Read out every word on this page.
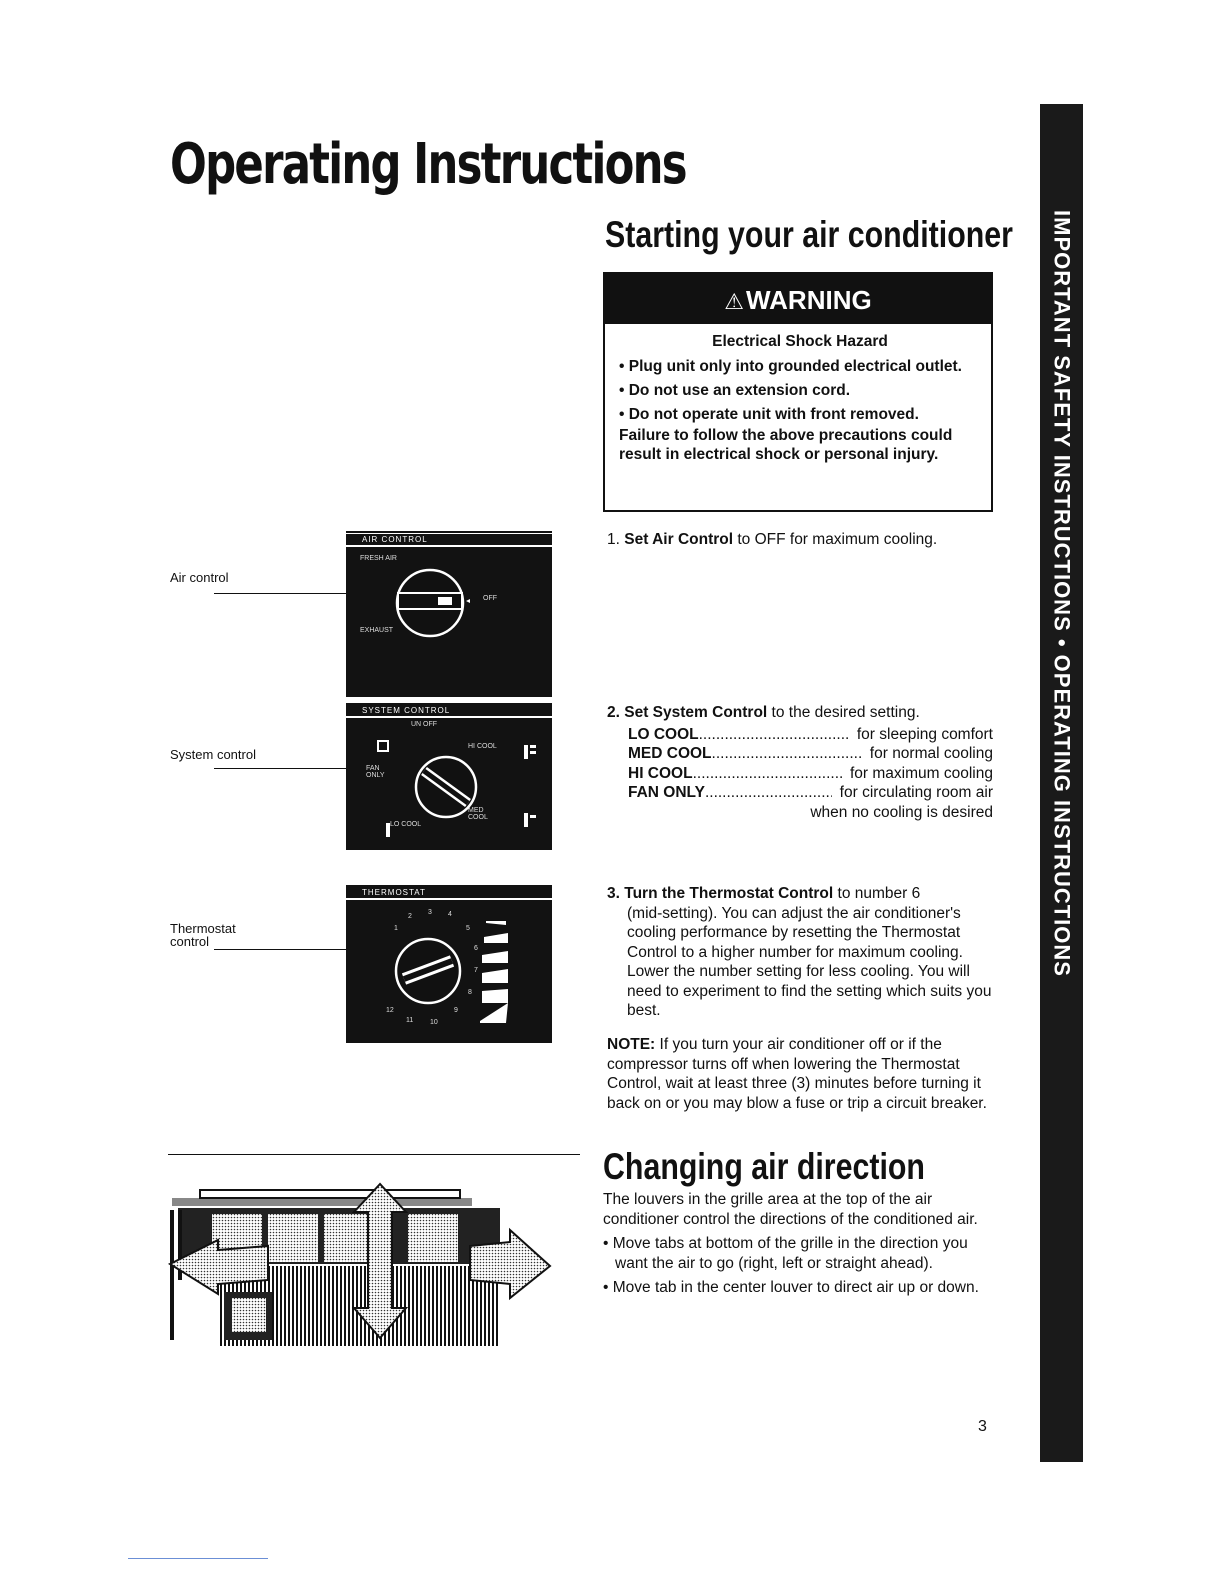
Operating Instructions
Starting your air conditioner IMPORTANT SAFETY INSTRUCTIONS • OPERATING INSTRUCTIONS
⚠WARNING
Electrical Shock Hazard

• Plug unit only into grounded electrical outlet.

• Do not use an extension cord.

• Do not operate unit with front removed.

Failure to follow the above precautions could result in electrical shock or personal injury.

1. Set Air Control to OFF for maximum cooling.
2. Set System Control to the desired setting.
LO COOL .....	for sleeping comfort
MED COOL .....	for normal cooling
HI COOL .....	for maximum cooling
FAN ONLY .....	for circulating room air
when no cooling is desired
3. Turn the Thermostat Control to number 6
(mid-setting). You can adjust the air conditioner's cooling performance by resetting the Thermostat Control to a higher number for maximum cooling. Lower the number setting for less cooling. You will need to experiment to find the setting which suits you best.
NOTE: If you turn your air conditioner off or if the compressor turns off when lowering the Thermostat Control, wait at least three (3) minutes before turning it back on or you may blow a fuse or trip a circuit breaker.
Changing air direction

The louvers in the grille area at the top of the air conditioner control the directions of the conditioned air.

• Move tabs at bottom of the grille in the direction you want the air to go (right, left or straight ahead).

• Move tab in the center louver to direct air up or down.

3
Air control
AIR CONTROL
FRESH AIR
EXHAUST
OFF
System control
SYSTEM CONTROL
UN OFF
HI COOL
FAN ONLY
MED COOL
LO COOL
Thermostat control
THERMOSTAT
1
2
3 4
5
6
7
8
9
10
11
12
